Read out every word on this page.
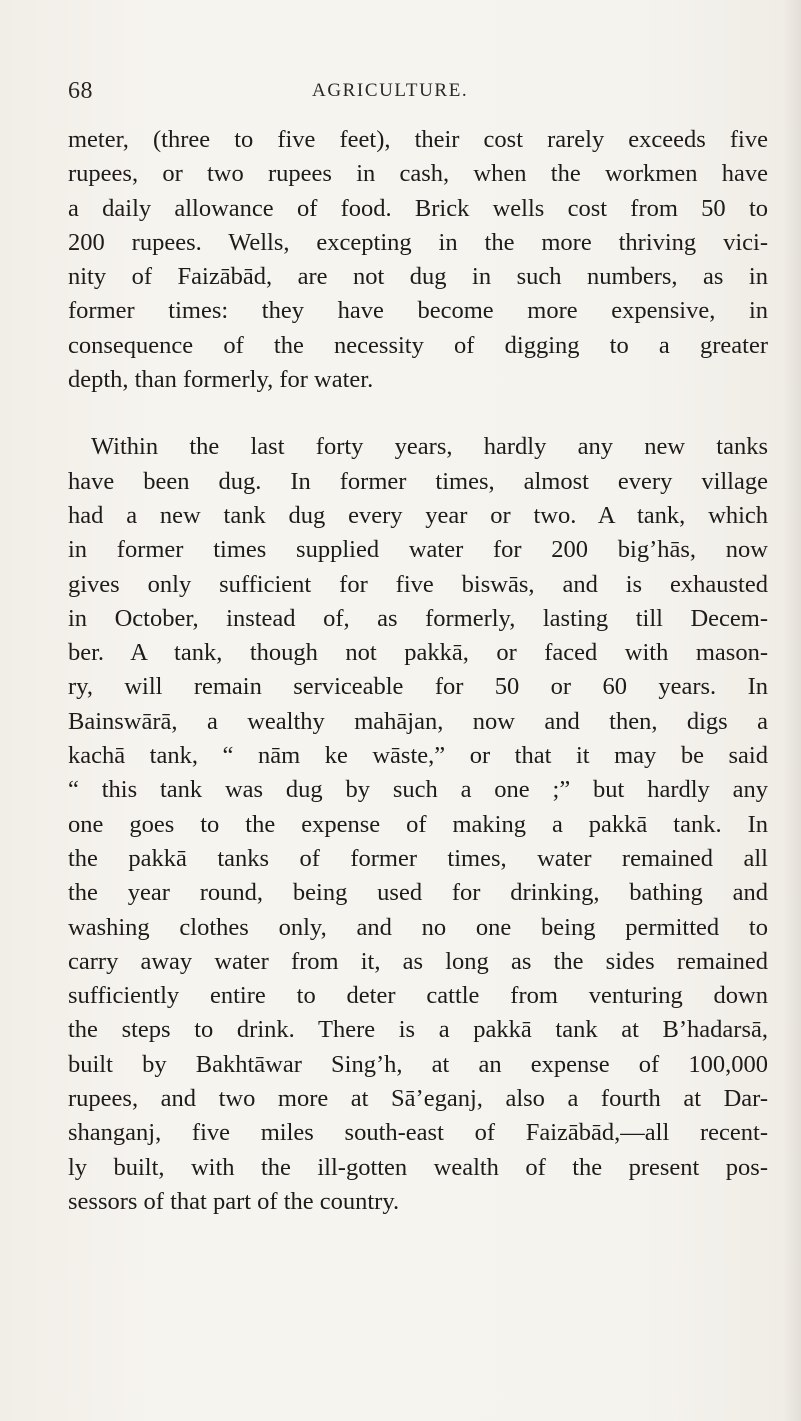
68	AGRICULTURE.
meter, (three to five feet), their cost rarely exceeds five
rupees, or two rupees in cash, when the workmen have
a daily allowance of food. Brick wells cost from 50 to
200 rupees. Wells, excepting in the more thriving vici-
nity of Faizābād, are not dug in such numbers, as in
former times: they have become more expensive, in
consequence of the necessity of digging to a greater
depth, than formerly, for water.
Within the last forty years, hardly any new tanks
have been dug. In former times, almost every village
had a new tank dug every year or two. A tank, which
in former times supplied water for 200 big’hās, now
gives only sufficient for five biswās, and is exhausted
in October, instead of, as formerly, lasting till Decem-
ber. A tank, though not pakkā, or faced with mason-
ry, will remain serviceable for 50 or 60 years. In
Bainswārā, a wealthy mahājan, now and then, digs a
kachā tank, “ nām ke wāste,” or that it may be said
“ this tank was dug by such a one ;” but hardly any
one goes to the expense of making a pakkā tank. In
the pakkā tanks of former times, water remained all
the year round, being used for drinking, bathing and
washing clothes only, and no one being permitted to
carry away water from it, as long as the sides remained
sufficiently entire to deter cattle from venturing down
the steps to drink. There is a pakkā tank at B’hadarsā,
built by Bakhtāwar Sing’h, at an expense of 100,000
rupees, and two more at Sā’eganj, also a fourth at Dar-
shanganj, five miles south-east of Faizābād,—all recent-
ly built, with the ill-gotten wealth of the present pos-
sessors of that part of the country.
